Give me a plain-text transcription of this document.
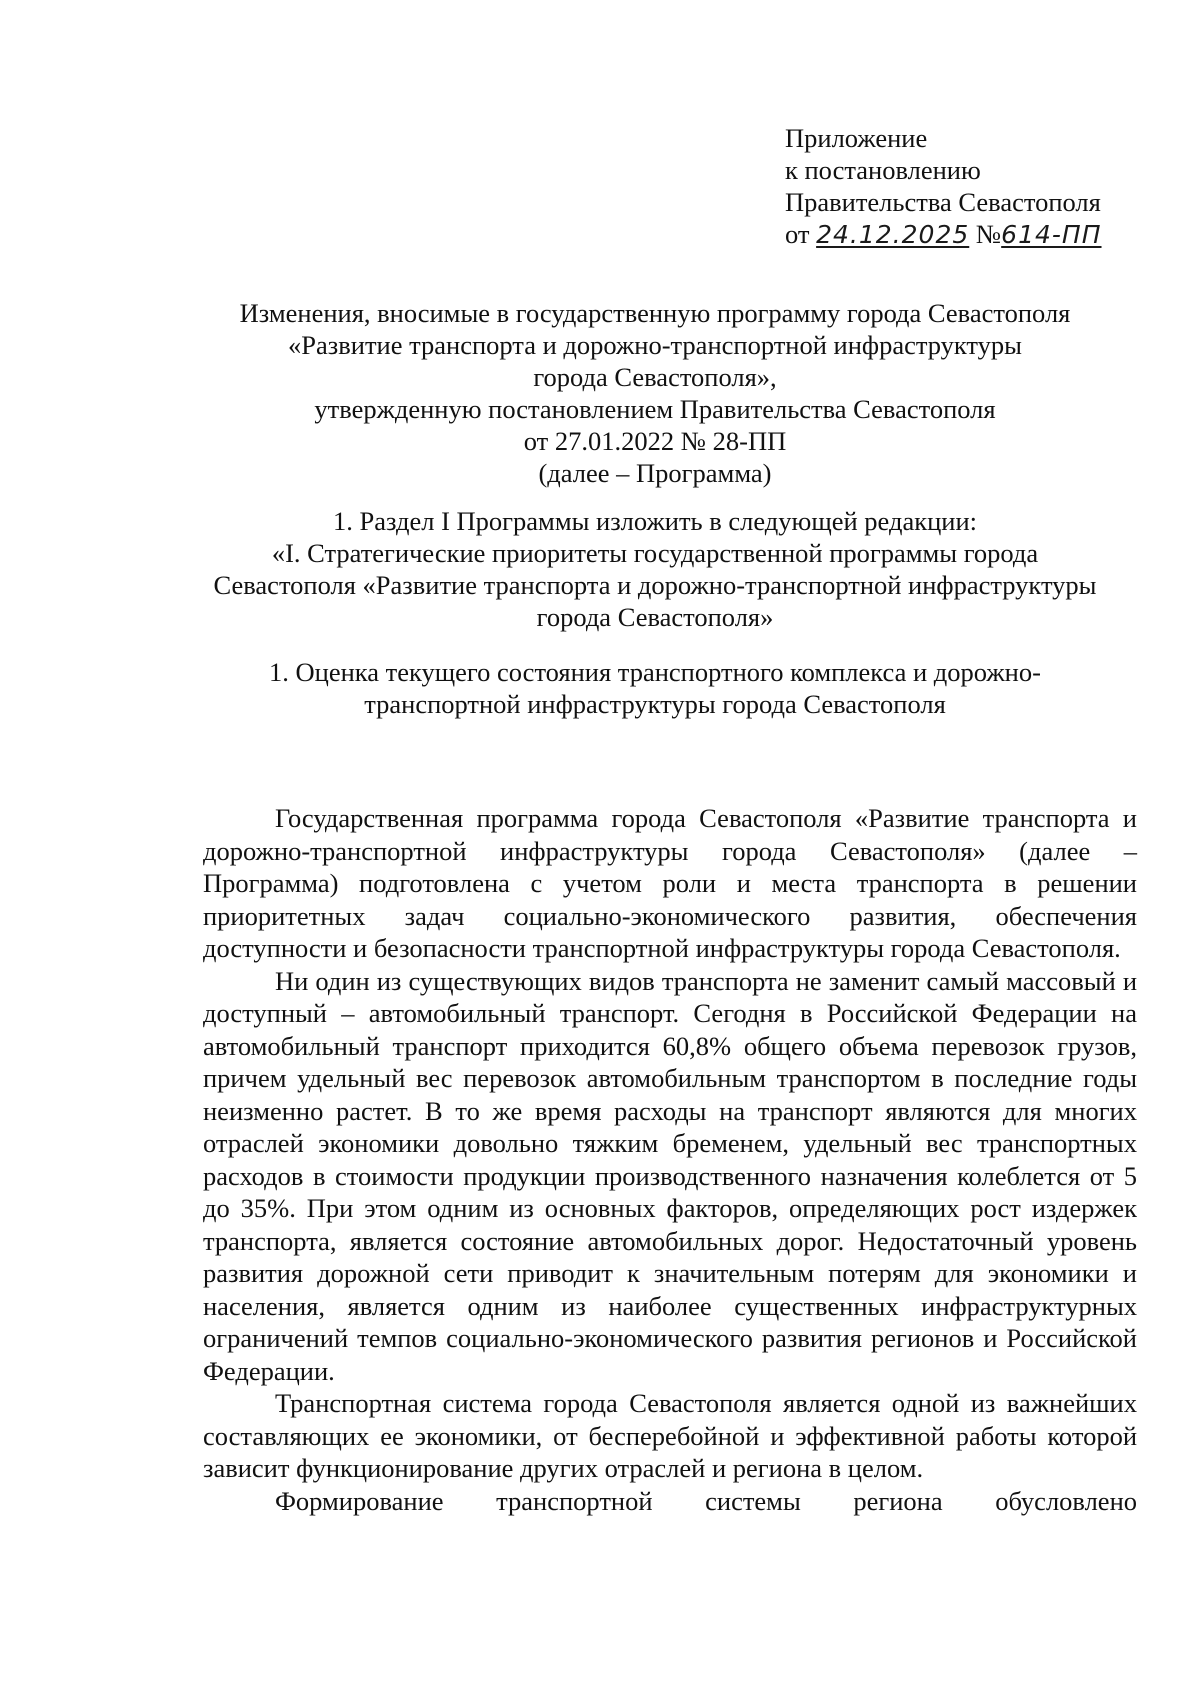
Приложение
к постановлению
Правительства Севастополя
от 24.12.2025 №614-ПП
Изменения, вносимые в государственную программу города Севастополя
«Развитие транспорта и дорожно-транспортной инфраструктуры
города Севастополя»,
утвержденную постановлением Правительства Севастополя
от 27.01.2022 № 28-ПП
(далее – Программа)
1. Раздел I Программы изложить в следующей редакции:
«I. Стратегические приоритеты государственной программы города
Севастополя «Развитие транспорта и дорожно-транспортной инфраструктуры
города Севастополя»
1. Оценка текущего состояния транспортного комплекса и дорожно-
транспортной инфраструктуры города Севастополя

Государственная программа города Севастополя «Развитие транспорта и дорожно-транспортной инфраструктуры города Севастополя» (далее – Программа) подготовлена с учетом роли и места транспорта в решении приоритетных задач социально-экономического развития, обеспечения доступности и безопасности транспортной инфраструктуры города Севастополя.

Ни один из существующих видов транспорта не заменит самый массовый и доступный – автомобильный транспорт. Сегодня в Российской Федерации на автомобильный транспорт приходится 60,8% общего объема перевозок грузов, причем удельный вес перевозок автомобильным транспортом в последние годы неизменно растет. В то же время расходы на транспорт являются для многих отраслей экономики довольно тяжким бременем, удельный вес транспортных расходов в стоимости продукции производственного назначения колеблется от 5 до 35%. При этом одним из основных факторов, определяющих рост издержек транспорта, является состояние автомобильных дорог. Недостаточный уровень развития дорожной сети приводит к значительным потерям для экономики и населения, является одним из наиболее существенных инфраструктурных ограничений темпов социально-экономического развития регионов и Российской Федерации.

Транспортная система города Севастополя является одной из важнейших составляющих ее экономики, от бесперебойной и эффективной работы которой зависит функционирование других отраслей и региона в целом.

Формирование транспортной системы региона обусловлено
